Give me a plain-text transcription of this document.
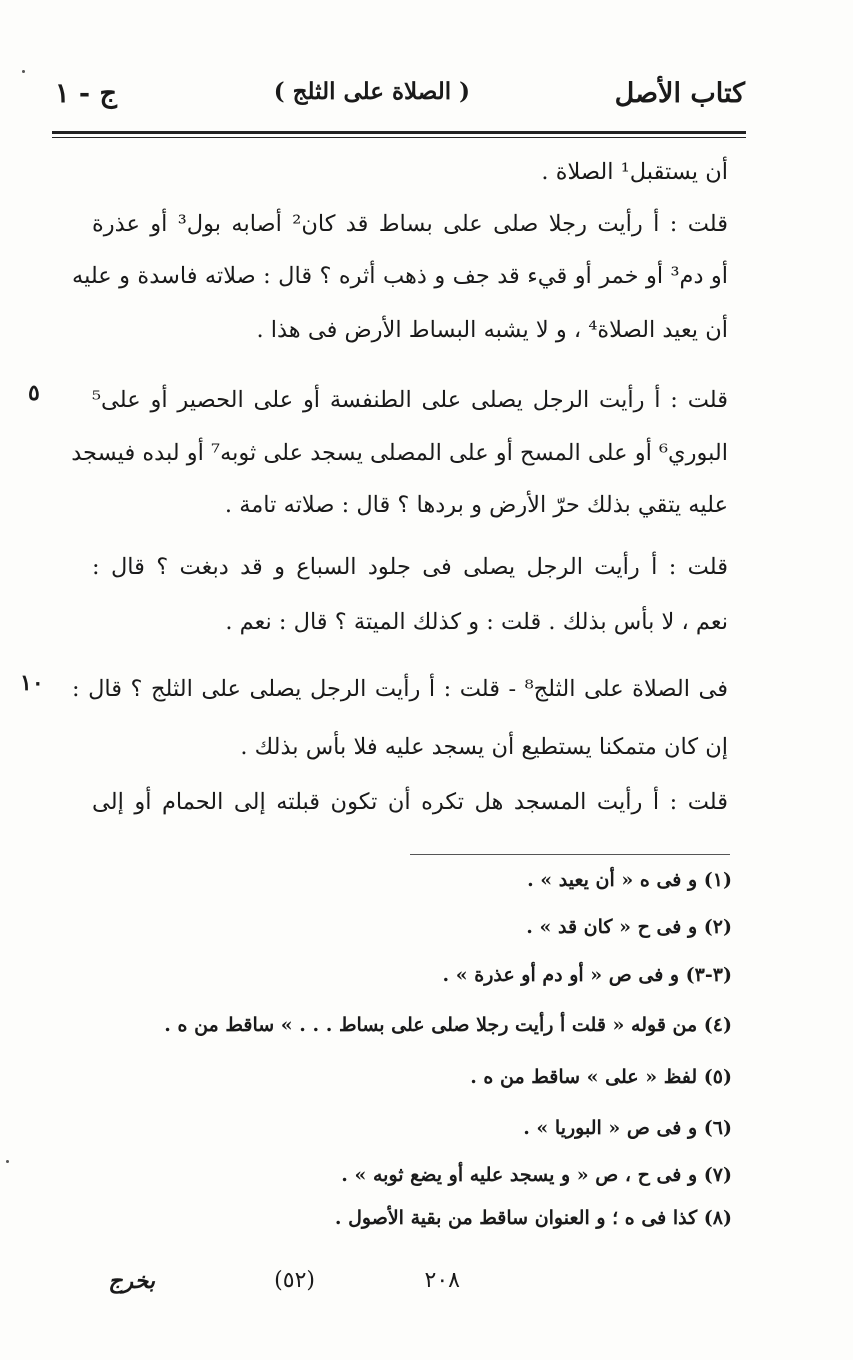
كتاب الأصل
( الصلاة على الثلج )
ج - ١
أن يستقبل¹ الصلاة .
قلت : أ رأيت رجلا صلى على بساط قد كان² أصابه بول³ أو عذرة
أو دم³ أو خمر أو قيء قد جف و ذهب أثره ؟ قال : صلاته فاسدة و عليه
أن يعيد الصلاة⁴ ، و لا يشبه البساط الأرض فى هذا .
قلت : أ رأيت الرجل يصلى على الطنفسة أو على الحصير أو على⁵
البوري⁶ أو على المسح أو على المصلى يسجد على ثوبه⁷ أو لبده فيسجد
عليه يتقي بذلك حرّ الأرض و بردها ؟ قال : صلاته تامة .
قلت : أ رأيت الرجل يصلى فى جلود السباع و قد دبغت ؟ قال :
نعم ، لا بأس بذلك . قلت : و كذلك الميتة ؟ قال : نعم .
فى الصلاة على الثلج⁸ - قلت : أ رأيت الرجل يصلى على الثلج ؟ قال :
إن كان متمكنا يستطيع أن يسجد عليه فلا بأس بذلك .
قلت : أ رأيت المسجد هل تكره أن تكون قبلته إلى الحمام أو إلى
٥
١٠
(١) و فى ه « أن يعيد » .
(٢) و فى ح « كان قد » .
(٣-٣) و فى ص « أو دم أو عذرة » .
(٤) من قوله « قلت أ رأيت رجلا صلى على بساط . . . » ساقط من ه .
(٥) لفظ « على » ساقط من ه .
(٦) و فى ص « البوريا » .
(٧) و فى ح ، ص « و يسجد عليه أو يضع ثوبه » .
(٨) كذا فى ه ؛ و العنوان ساقط من بقية الأصول .
٢٠٨
(٥٢)
بخرج
